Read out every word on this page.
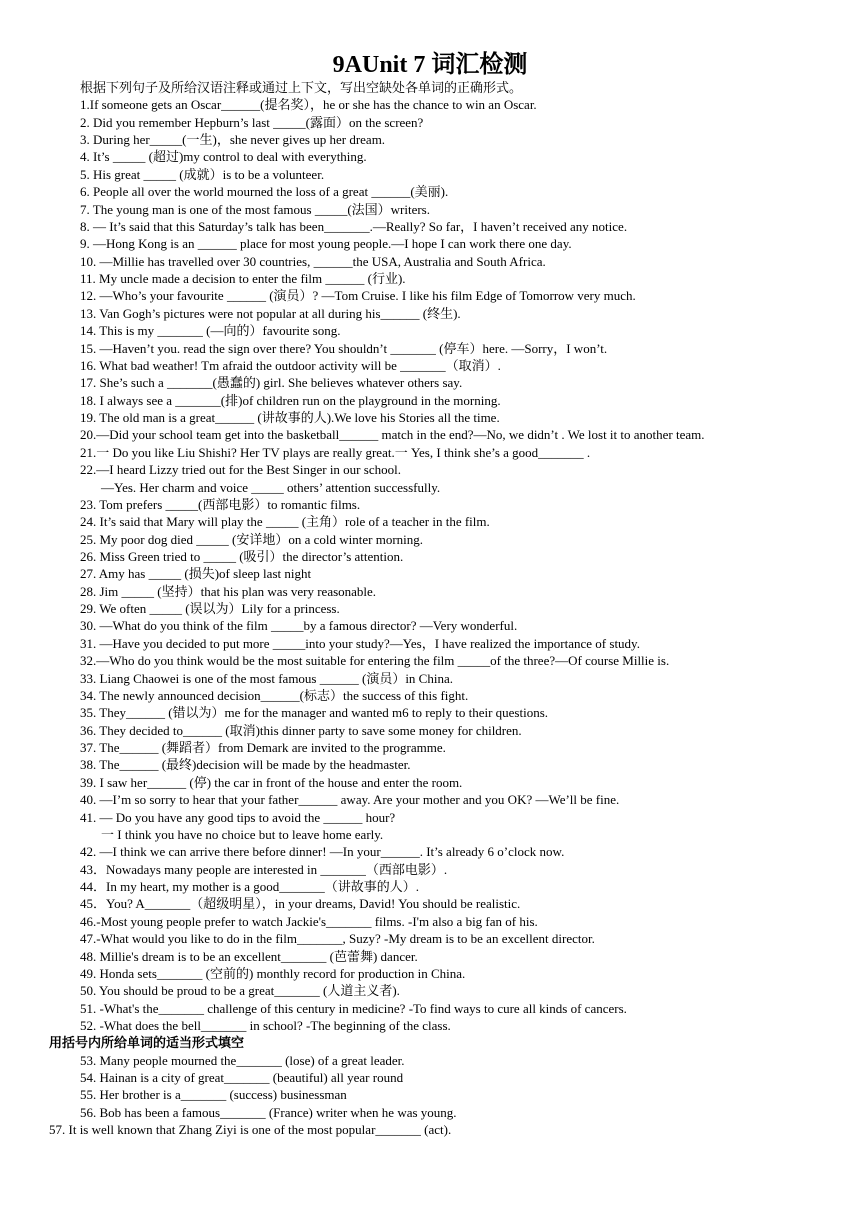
9AUnit 7 词汇检测
根据下列句子及所给汉语注释或通过上下文，写出空缺处各单词的正确形式。
1.If someone gets an Oscar______(提名奖），he or she has the chance to win an Oscar.
2. Did you remember Hepburn’s last _____(露面）on the screen?
3. During her_____(一生)，she never gives up her dream.
4. It’s _____ (超过)my control to deal with everything.
5. His great _____ (成就）is to be a volunteer.
6. People all over the world mourned the loss of a great ______(美丽).
7. The young man is one of the most famous _____(法国）writers.
8. — It’s said that this Saturday’s talk has been_______.—Really? So far，I haven’t received any notice.
9. —Hong Kong is an ______ place for most young people.—I hope I can work there one day.
10. —Millie has travelled over 30 countries, ______the USA, Australia and South Africa.
11. My uncle made a decision to enter the film ______ (行业).
12. —Who’s your favourite ______ (演员）? —Tom Cruise. I like his film Edge of Tomorrow very much.
13. Van Gogh’s pictures were not popular at all during his______ (终生).
14. This is my _______ (—向的）favourite song.
15. —Haven’t you. read the sign over there? You shouldn’t _______ (停车）here. —Sorry，I won’t.
16. What bad weather! Tm afraid the outdoor activity will be _______（取消）.
17. She’s such a _______(愚蠢的) girl. She believes whatever others say.
18. I always see a _______(排)of children run on the playground in the morning.
19. The old man is a great______ (讲故事的人).We love his Stories all the time.
20.—Did your school team get into the basketball______ match in the end?—No, we didn’t . We lost it to another team.
21.一 Do you like Liu Shishi? Her TV plays are really great.一 Yes, I think she’s a good_______ .
22.—I heard Lizzy tried out for the Best Singer in our school.
—Yes. Her charm and voice _____ others’ attention successfully.
23. Tom prefers _____(西部电影）to romantic films.
24. It’s said that Mary will play the _____ (主角）role of a teacher in the film.
25. My poor dog died _____ (安详地）on a cold winter morning.
26. Miss Green tried to _____ (吸引）the director’s attention.
27. Amy has _____ (损失)of sleep last night
28. Jim _____ (坚持）that his plan was very reasonable.
29. We often _____ (误以为）Lily for a princess.
30. —What do you think of the film _____by a famous director? —Very wonderful.
31. —Have you decided to put more _____into your study?—Yes，I have realized the importance of study.
32.—Who do you think would be the most suitable for entering the film _____of the three?—Of course Millie is.
33. Liang Chaowei is one of the most famous ______ (演员）in China.
34. The newly announced decision______(标志）the success of this fight.
35. They______ (错以为）me for the manager and wanted m6 to reply to their questions.
36. They decided to______ (取消)this dinner party to save some money for children.
37. The______ (舞蹈者）from Demark are invited to the programme.
38. The______ (最终)decision will be made by the headmaster.
39. I saw her______ (停) the car in front of the house and enter the room.
40. —I’m so sorry to hear that your father______ away. Are your mother and you OK? —We’ll be fine.
41. — Do you have any good tips to avoid the ______ hour?
一 I think you have no choice but to leave home early.
42. —I think we can arrive there before dinner! —In your______. It’s already 6 o’clock now.
43．Nowadays many people are interested in _______（西部电影）.
44．In my heart, my mother is a good_______（讲故事的人）.
45．You? A_______（超级明星），in your dreams, David! You should be realistic.
46.-Most young people prefer to watch Jackie's_______ films. -I'm also a big fan of his.
47.-What would you like to do in the film_______, Suzy? -My dream is to be an excellent director.
48. Millie's dream is to be an excellent_______ (芭蕾舞) dancer.
49. Honda sets_______ (空前的) monthly record for production in China.
50. You should be proud to be a great_______ (人道主义者).
51. -What's the_______ challenge of this century in medicine? -To find ways to cure all kinds of cancers.
52. -What does the bell_______ in school? -The beginning of the class.
用括号内所给单词的适当形式填空
53. Many people mourned the_______ (lose) of a great leader.
54. Hainan is a city of great_______ (beautiful) all year round
55. Her brother is a_______ (success) businessman
56. Bob has been a famous_______ (France) writer when he was young.
57. It is well known that Zhang Ziyi is one of the most popular_______ (act).
